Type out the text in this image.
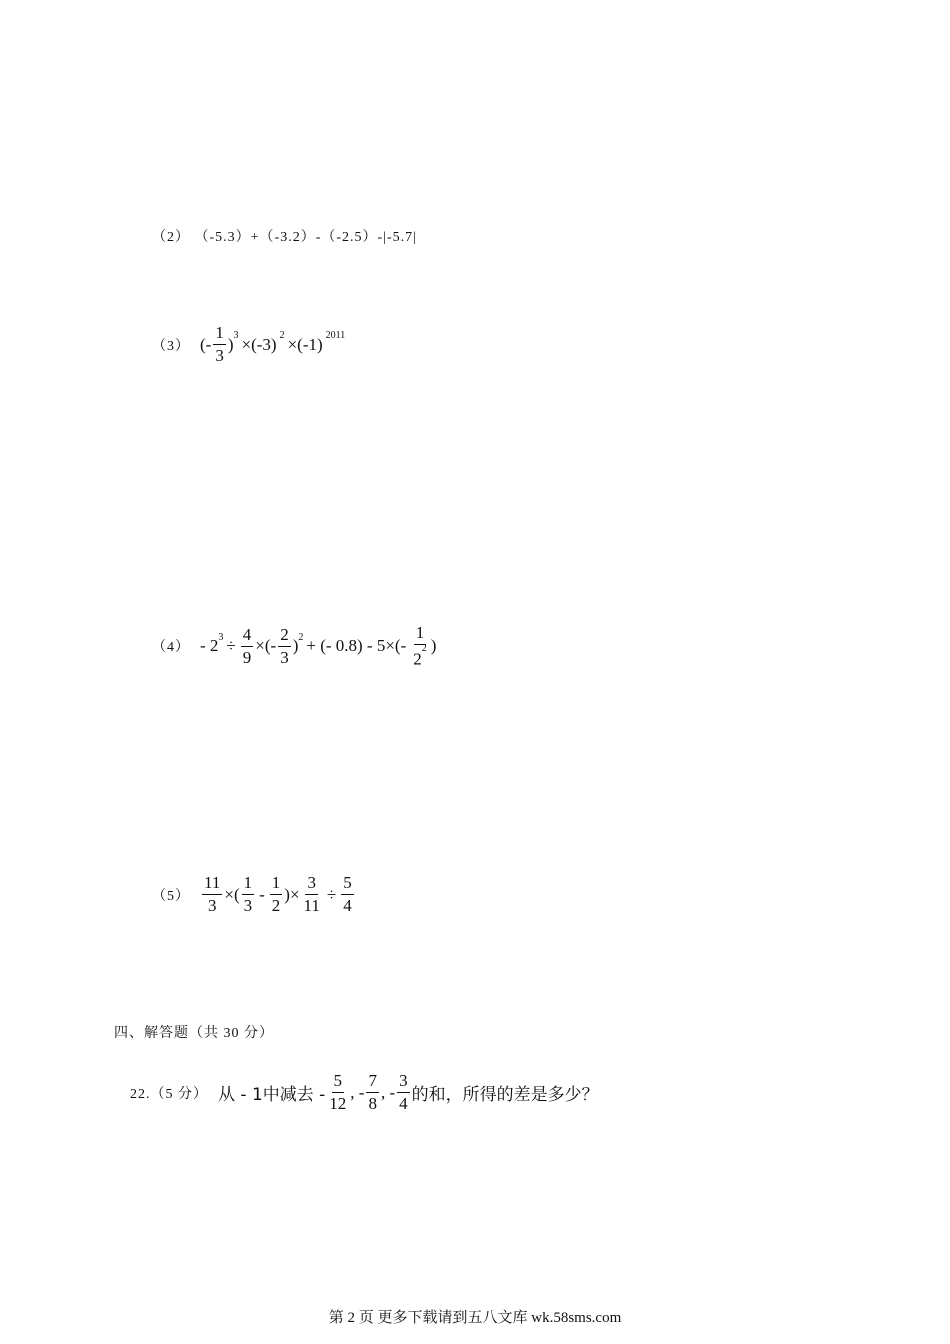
（2） （-5.3）+（-3.2）-（-2.5）-|-5.7|
（3） (- $\frac{1}{3} )^3 \times(-3)$ $^2$ ×(-1) $^{2011}$
$(4) - 2^3 \div \frac{4}{9}$ ×(- $\frac{2}{3} )^2$ + (- $0.8) - 5\times(- \frac{1}{2^2}$ )
$(5) \frac{11}{3}$ ×( $\frac{1}{3} - \frac{1}{2}$ )× $\frac{3}{11} \div \frac{5}{4}$
四、解答题（共 30 分）
22.（5 分） 从 - 1中减去 - $\frac{5}{12}$ , - $\frac{7}{8}$ , - $\frac{3}{4}$ 的和，所得的差是多少？
第 2 页 更多下载请到五八文库 wk.58sms.com
